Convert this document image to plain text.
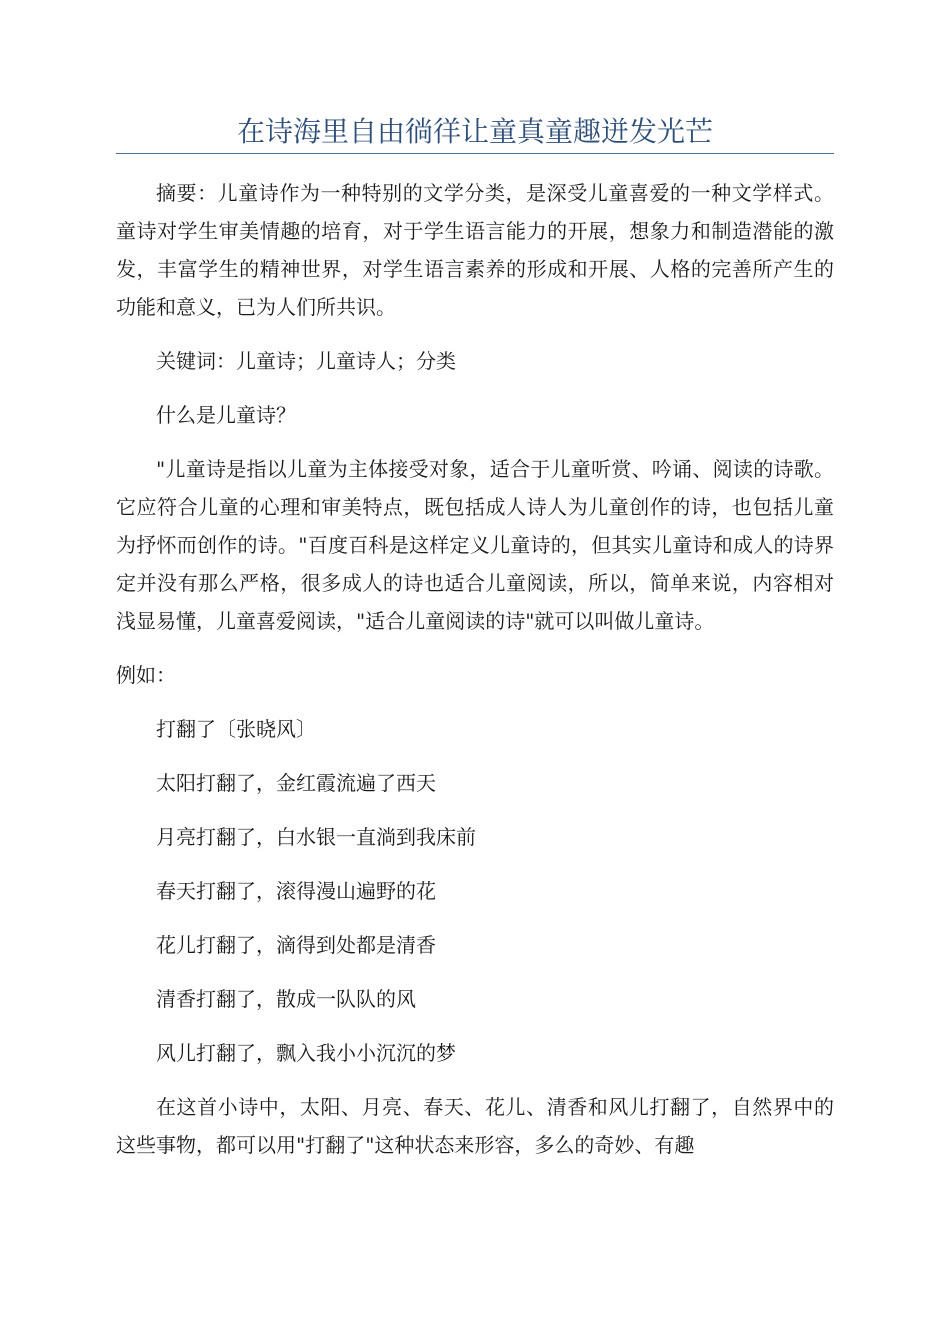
在诗海里自由徜徉让童真童趣迸发光芒

摘要：儿童诗作为一种特别的文学分类，是深受儿童喜爱的一种文学样式。童诗对学生审美情趣的培育，对于学生语言能力的开展，想象力和制造潜能的激发，丰富学生的精神世界，对学生语言素养的形成和开展、人格的完善所产生的功能和意义，已为人们所共识。

关键词：儿童诗；儿童诗人；分类

什么是儿童诗？

"儿童诗是指以儿童为主体接受对象，适合于儿童听赏、吟诵、阅读的诗歌。它应符合儿童的心理和审美特点，既包括成人诗人为儿童创作的诗，也包括儿童为抒怀而创作的诗。"百度百科是这样定义儿童诗的，但其实儿童诗和成人的诗界定并没有那么严格，很多成人的诗也适合儿童阅读，所以，简单来说，内容相对浅显易懂，儿童喜爱阅读，"适合儿童阅读的诗"就可以叫做儿童诗。

例如：

打翻了〔张晓风〕

太阳打翻了，金红霞流遍了西天

月亮打翻了，白水银一直淌到我床前

春天打翻了，滚得漫山遍野的花

花儿打翻了，滴得到处都是清香

清香打翻了，散成一队队的风

风儿打翻了，飘入我小小沉沉的梦

在这首小诗中，太阳、月亮、春天、花儿、清香和风儿打翻了，自然界中的这些事物，都可以用"打翻了"这种状态来形容，多么的奇妙、有趣
